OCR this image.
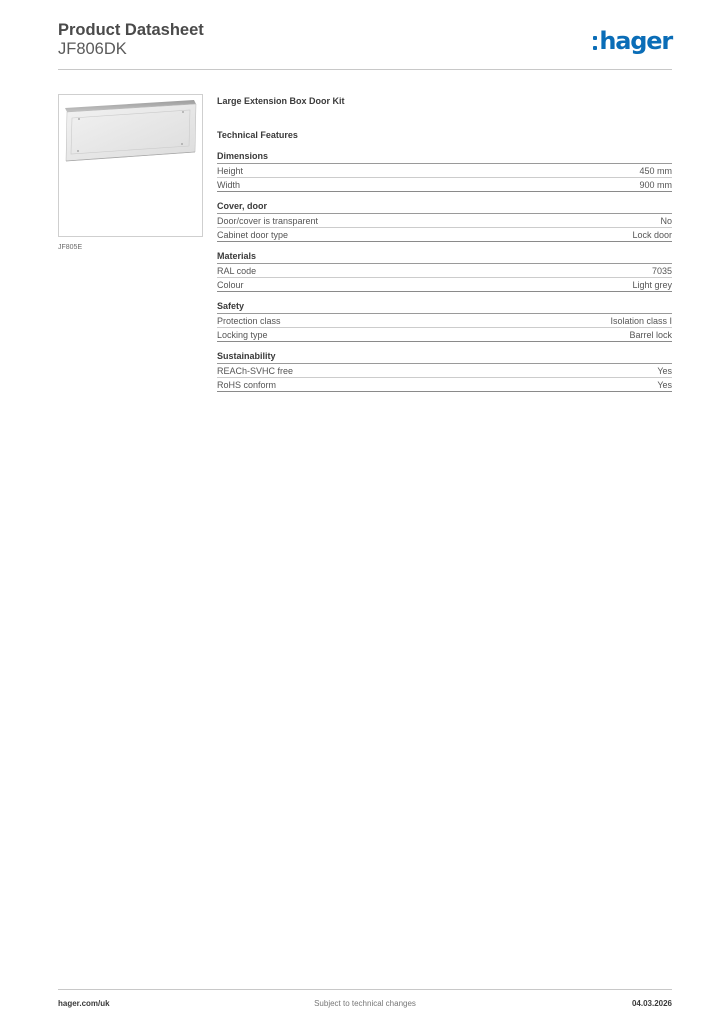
Product Datasheet
JF806DK	hager
JF805E
Large Extension Box Door Kit
Technical Features
Dimensions
Height	450 mm
Width	900 mm
Cover, door
Door/cover is transparent	No
Cabinet door type	Lock door
Materials
RAL code	7035
Colour	Light grey
Safety
Protection class	Isolation class I
Locking type	Barrel lock
Sustainability
REACh-SVHC free	Yes
RoHS conform	Yes
Subject to technical changes
hager.com/uk	04.03.2026
